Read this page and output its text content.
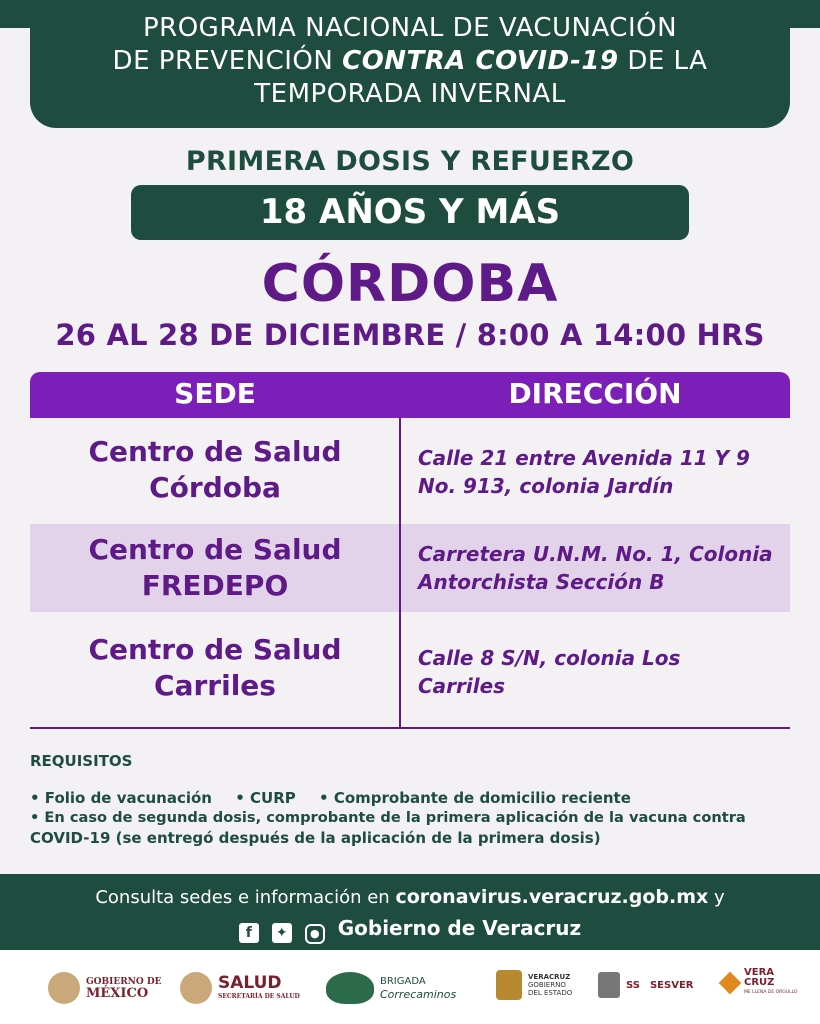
PROGRAMA NACIONAL DE VACUNACIÓN
DE PREVENCIÓN CONTRA COVID-19 DE LA
TEMPORADA INVERNAL
PRIMERA DOSIS Y REFUERZO
18 AÑOS Y MÁS
CÓRDOBA
26 AL 28 DE DICIEMBRE / 8:00 A 14:00 HRS
SEDE	DIRECCIÓN
Centro de Salud
Córdoba
Calle 21 entre Avenida 11 Y 9
No. 913, colonia Jardín
Centro de Salud
FREDEPO
Carretera U.N.M. No. 1, Colonia
Antorchista Sección B
Centro de Salud
Carriles
Calle 8 S/N, colonia Los
Carriles
REQUISITOS
• Folio de vacunación • CURP • Comprobante de domicilio reciente
• En caso de segunda dosis, comprobante de la primera aplicación de la vacuna contra
COVID-19 (se entregó después de la aplicación de la primera dosis)
Consulta sedes e información en coronavirus.veracruz.gob.mx y
f ✦ ● Gobierno de Veracruz
GOBIERNO DE
MÉXICO
SALUD
SECRETARÍA DE SALUD
BRIGADA
Correcaminos
VERACRUZ
GOBIERNO
DEL ESTADO
SS SESVER
VERA
CRUZ
ME LLENA DE ORGULLO
